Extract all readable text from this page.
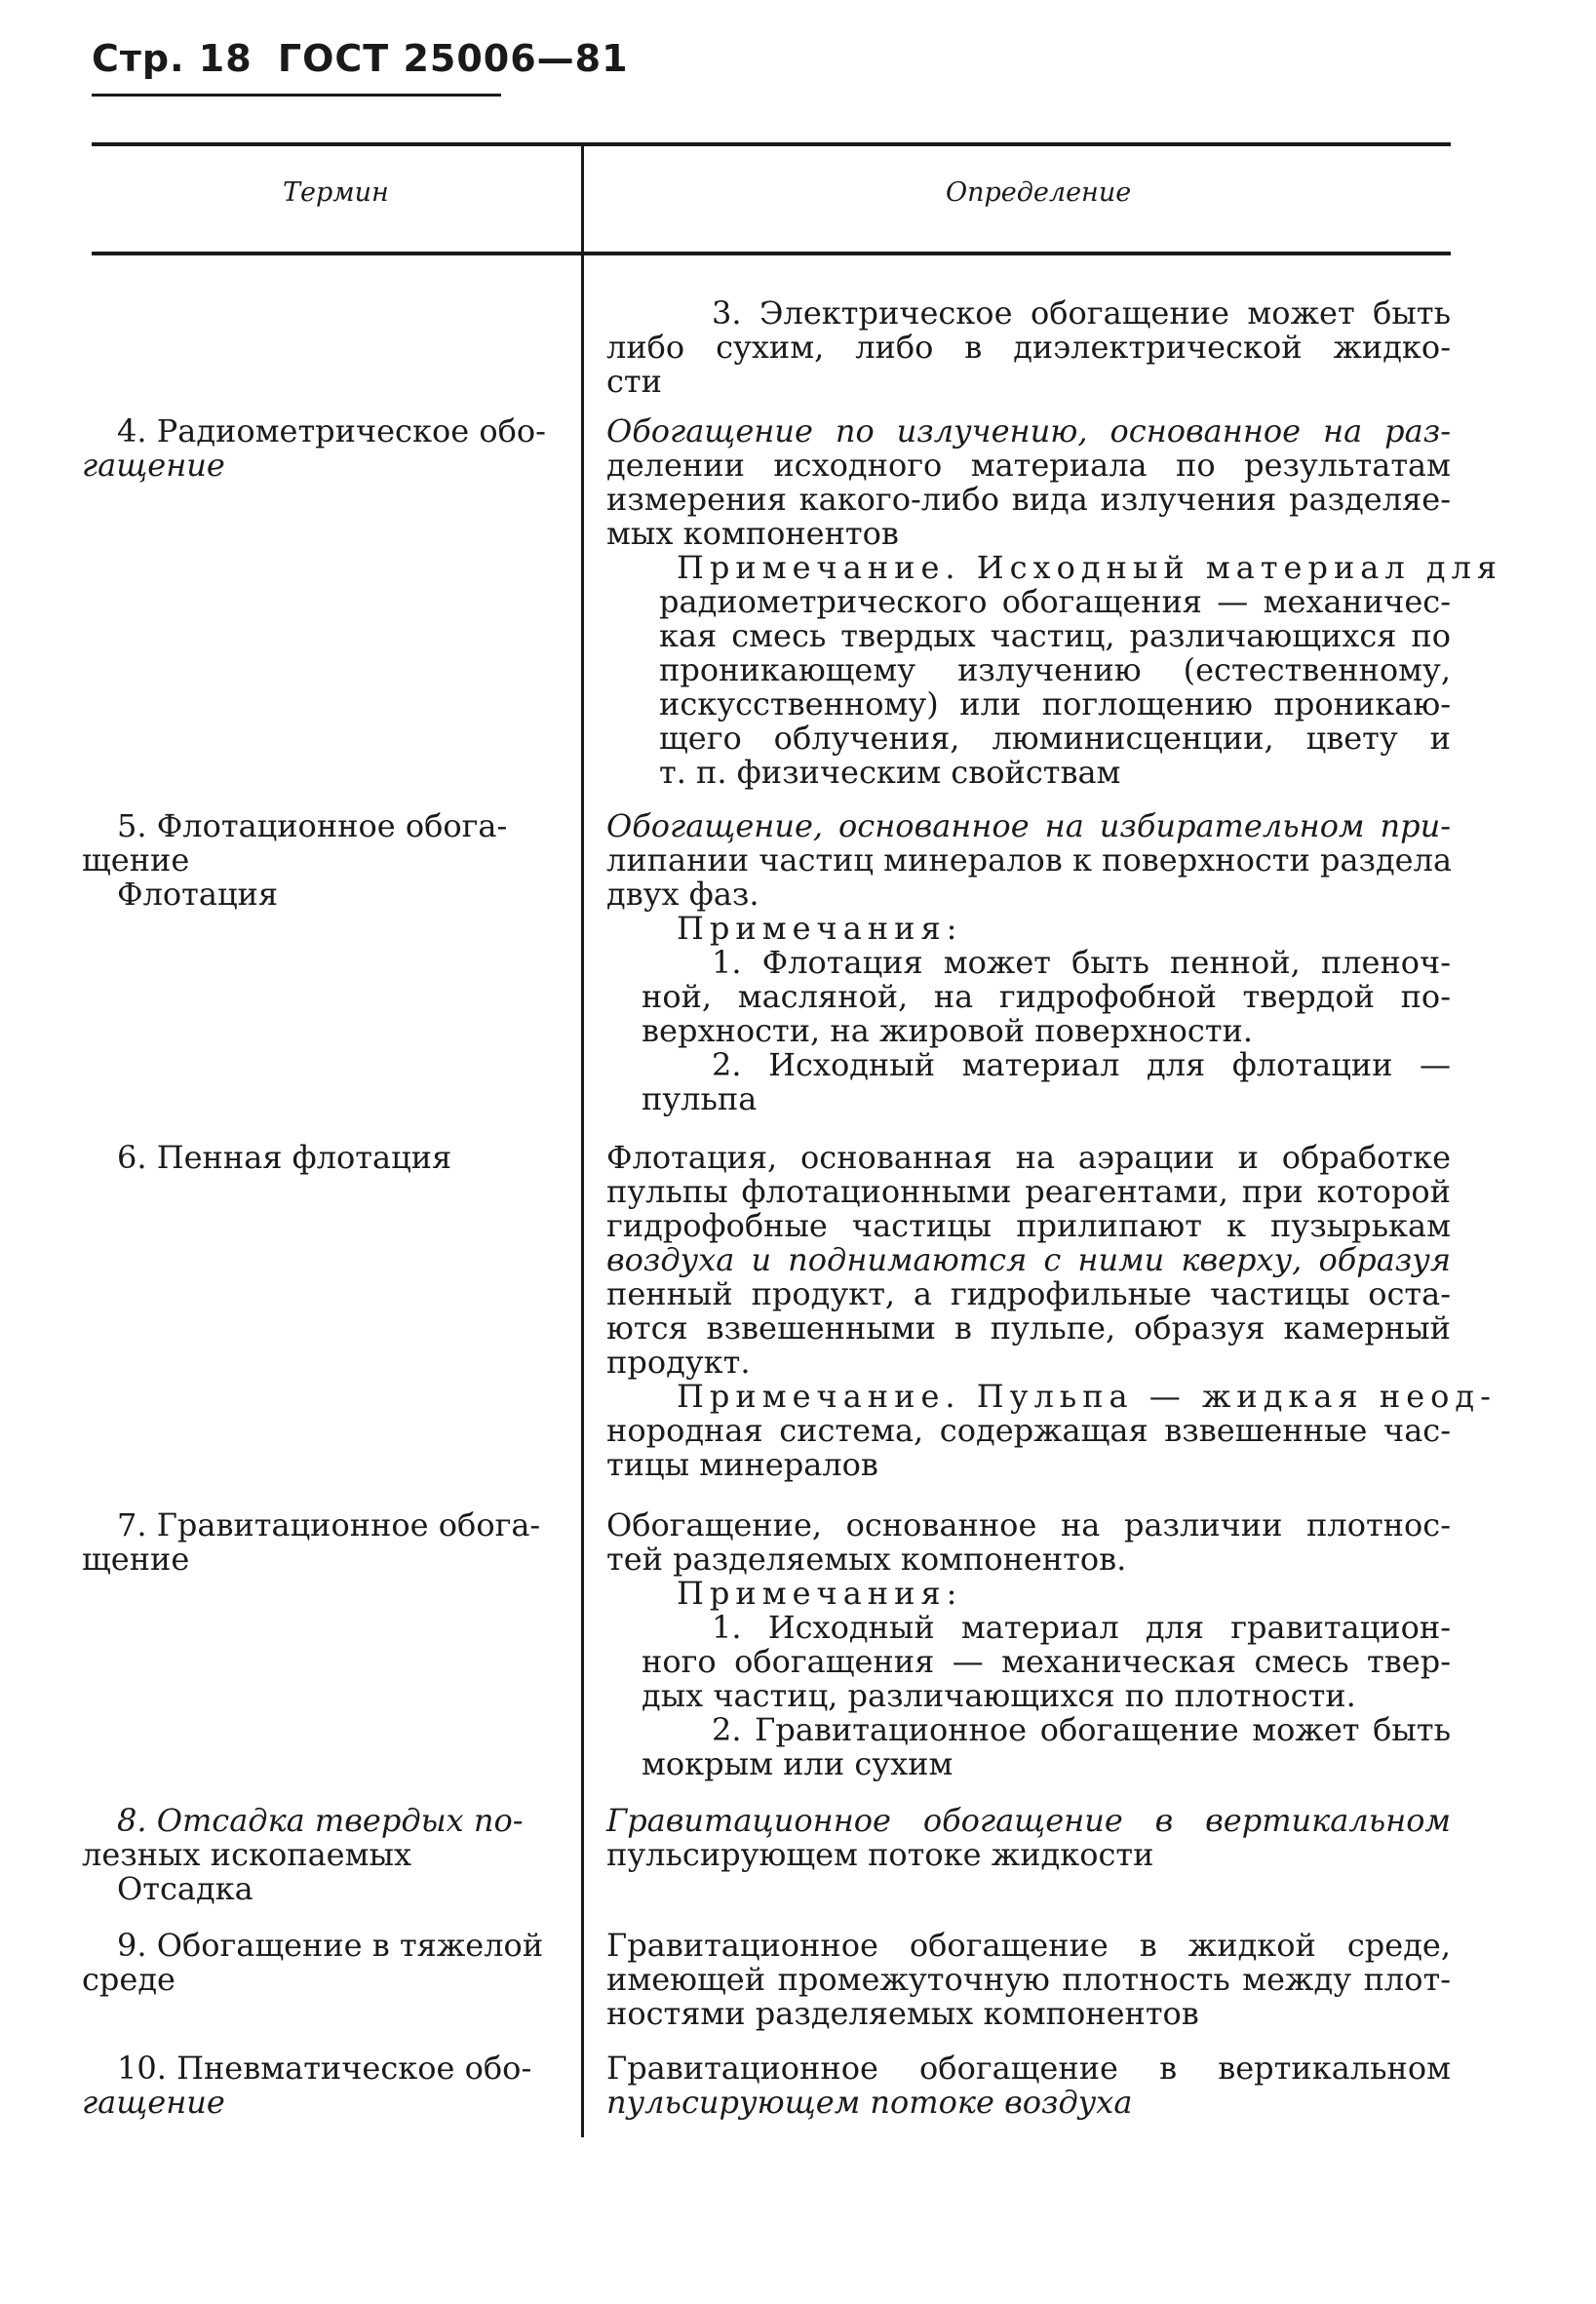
Стр. 18 ГОСТ 25006—81
Термин	Определение
3. Электрическое обогащение может быть
либо сухим, либо в диэлектрической жидко-
сти
4. Радиометрическое обо-
гащение
Обогащение по излучению, основанное на раз-
делении исходного материала по результатам
измерения какого-либо вида излучения разделяе-
мых компонентов
Примечание. Исходный материал для
радиометрического обогащения — механичес-
кая смесь твердых частиц, различающихся по
проникающему излучению (естественному,
искусственному) или поглощению проникаю-
щего облучения, люминисценции, цвету и
т. п. физическим свойствам
5. Флотационное обога-
щение
Флотация
Обогащение, основанное на избирательном при-
липании частиц минералов к поверхности раздела
двух фаз.
Примечания:
1. Флотация может быть пенной, пленоч-
ной, масляной, на гидрофобной твердой по-
верхности, на жировой поверхности.
2. Исходный материал для флотации —
пульпа
6. Пенная флотация	Флотация, основанная на аэрации и обработке
пульпы флотационными реагентами, при которой
гидрофобные частицы прилипают к пузырькам
воздуха и поднимаются с ними кверху, образуя
пенный продукт, а гидрофильные частицы оста-
ются взвешенными в пульпе, образуя камерный
продукт.
Примечание. Пульпа — жидкая неод-
нородная система, содержащая взвешенные час-
тицы минералов
7. Гравитационное обога-
щение
Обогащение, основанное на различии плотнос-
тей разделяемых компонентов.
Примечания:
1. Исходный материал для гравитацион-
ного обогащения — механическая смесь твер-
дых частиц, различающихся по плотности.
2. Гравитационное обогащение может быть
мокрым или сухим
8. Отсадка твердых по-
лезных ископаемых
Отсадка
Гравитационное обогащение в вертикальном
пульсирующем потоке жидкости
9. Обогащение в тяжелой
среде
Гравитационное обогащение в жидкой среде,
имеющей промежуточную плотность между плот-
ностями разделяемых компонентов
10. Пневматическое обо-
гащение
Гравитационное обогащение в вертикальном
пульсирующем потоке воздуха
